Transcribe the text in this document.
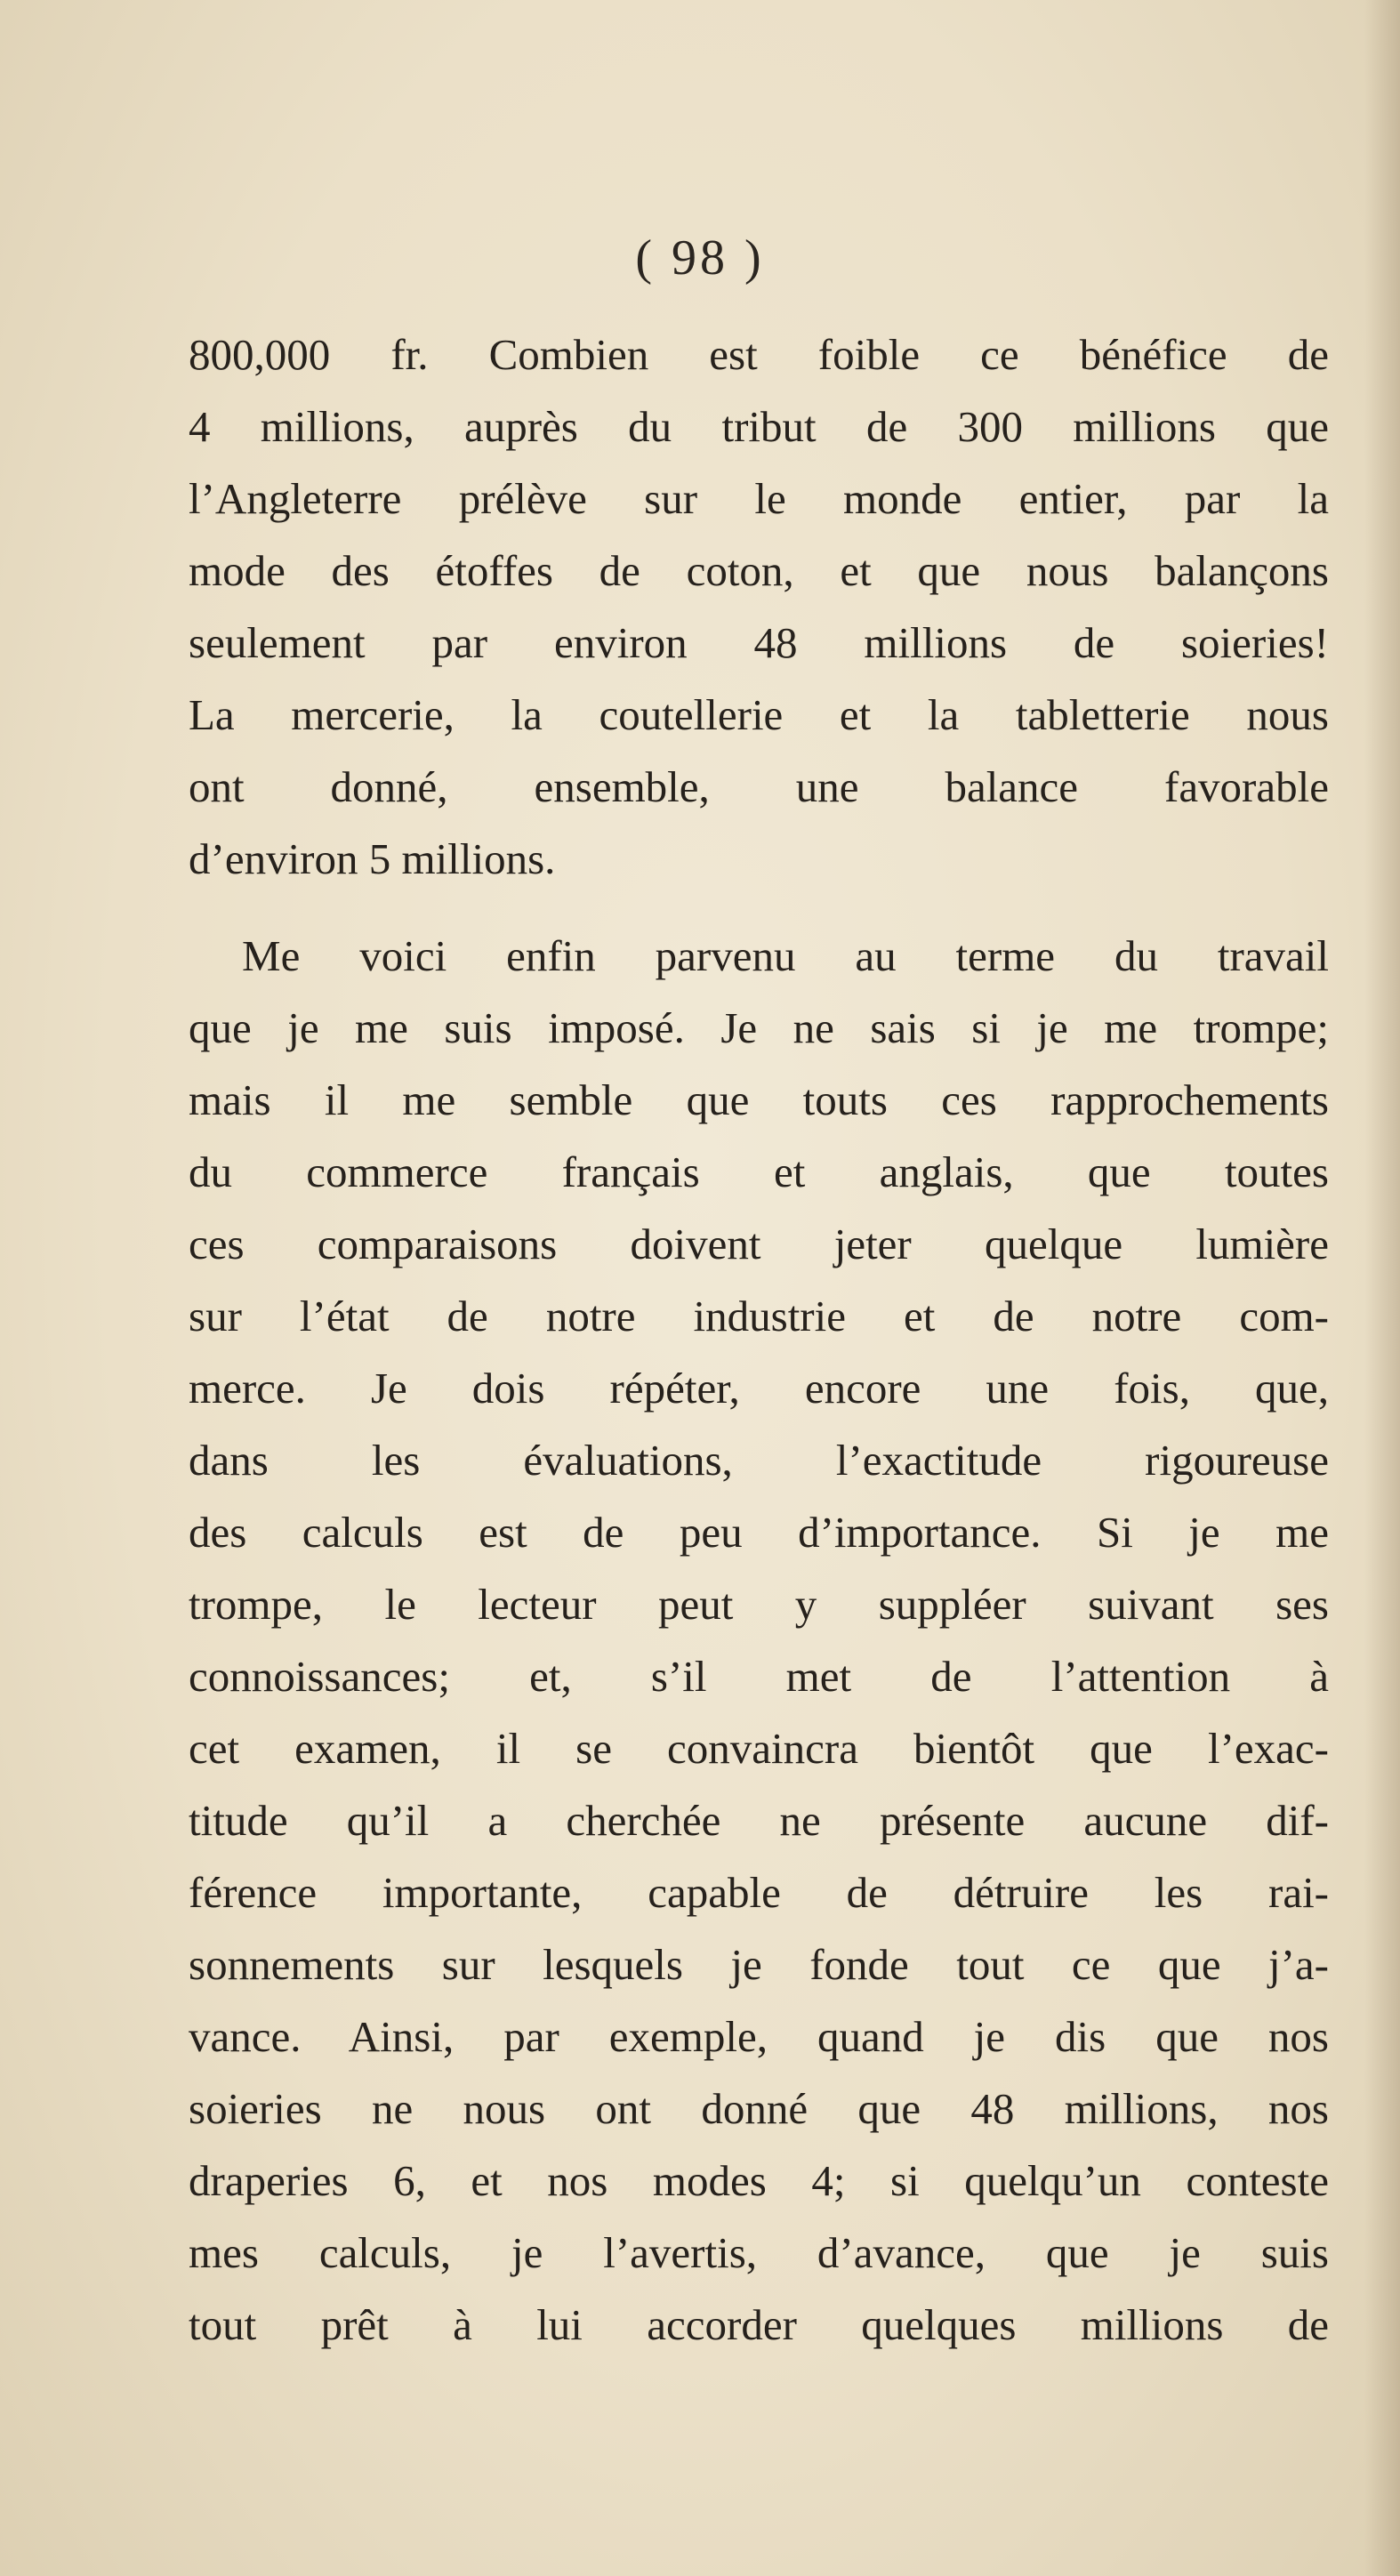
( 98 )
800,000 fr. Combien est foible ce bénéfice de
4 millions, auprès du tribut de 300 millions que
l’Angleterre prélève sur le monde entier, par la
mode des étoffes de coton, et que nous balançons
seulement par environ 48 millions de soieries!
La mercerie, la coutellerie et la tabletterie nous
ont donné, ensemble, une balance favorable
d’environ 5 millions.
Me voici enfin parvenu au terme du travail
que je me suis imposé. Je ne sais si je me trompe;
mais il me semble que touts ces rapprochements
du commerce français et anglais, que toutes
ces comparaisons doivent jeter quelque lumière
sur l’état de notre industrie et de notre com-
merce. Je dois répéter, encore une fois, que,
dans les évaluations, l’exactitude rigoureuse
des calculs est de peu d’importance. Si je me
trompe, le lecteur peut y suppléer suivant ses
connoissances; et, s’il met de l’attention à
cet examen, il se convaincra bientôt que l’exac-
titude qu’il a cherchée ne présente aucune dif-
férence importante, capable de détruire les rai-
sonnements sur lesquels je fonde tout ce que j’a-
vance. Ainsi, par exemple, quand je dis que nos
soieries ne nous ont donné que 48 millions, nos
draperies 6, et nos modes 4; si quelqu’un conteste
mes calculs, je l’avertis, d’avance, que je suis
tout prêt à lui accorder quelques millions de
